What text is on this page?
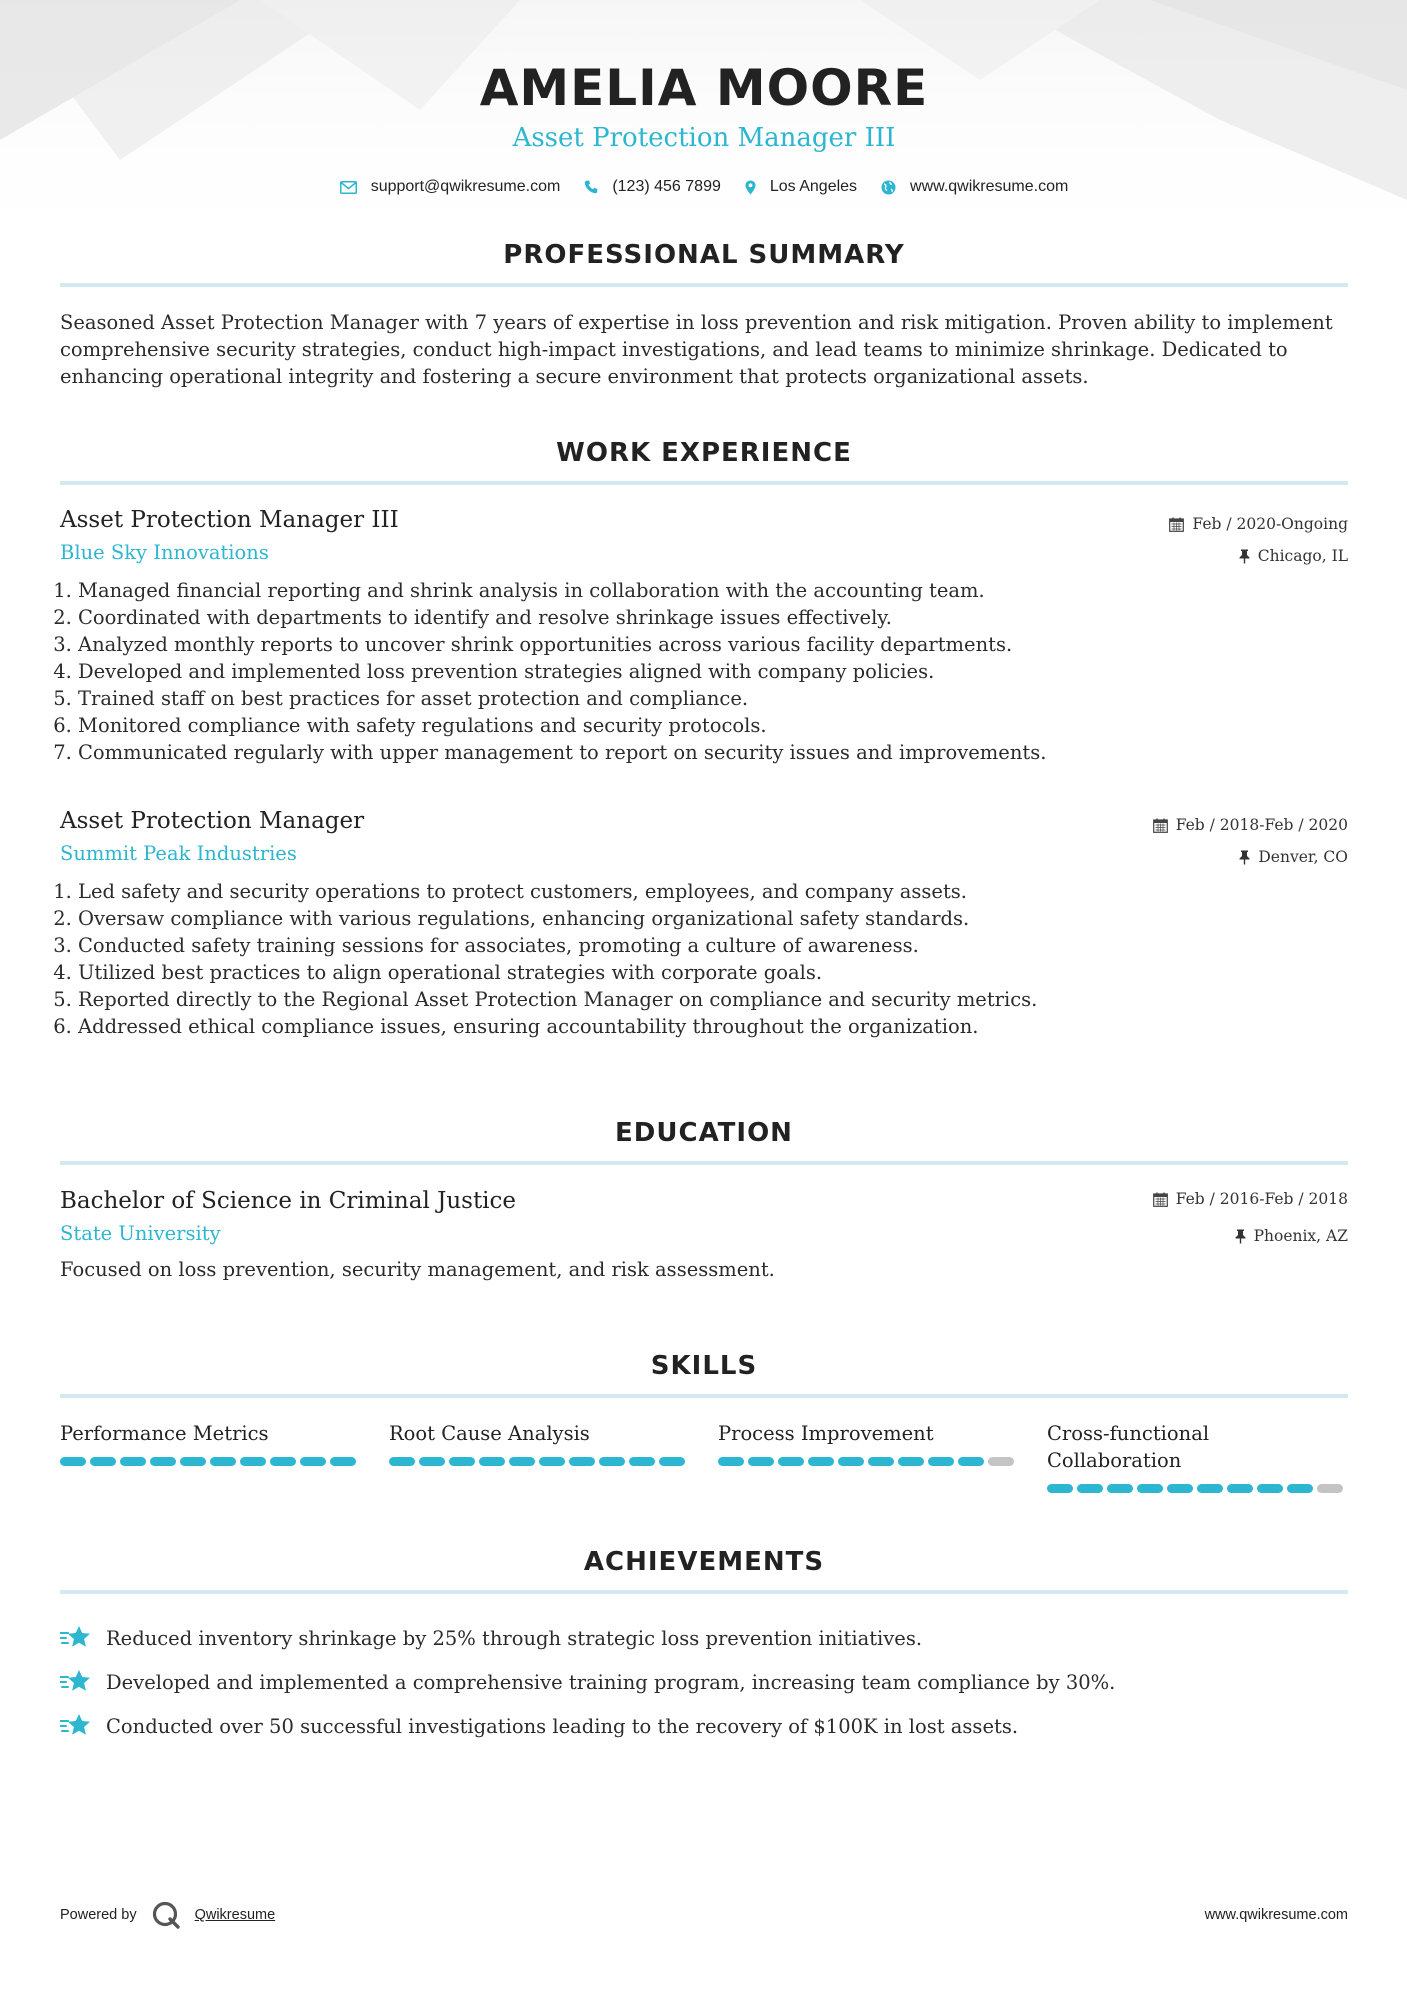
AMELIA MOORE
Asset Protection Manager III
support@qwikresume.com	(123) 456 7899	Los Angeles	www.qwikresume.com
PROFESSIONAL SUMMARY
Seasoned Asset Protection Manager with 7 years of expertise in loss prevention and risk mitigation. Proven ability to implement comprehensive security strategies, conduct high-impact investigations, and lead teams to minimize shrinkage. Dedicated to enhancing operational integrity and fostering a secure environment that protects organizational assets.
WORK EXPERIENCE
Asset Protection Manager III
Blue Sky Innovations
Feb / 2020-Ongoing
Chicago, IL
1. Managed financial reporting and shrink analysis in collaboration with the accounting team.
2. Coordinated with departments to identify and resolve shrinkage issues effectively.
3. Analyzed monthly reports to uncover shrink opportunities across various facility departments.
4. Developed and implemented loss prevention strategies aligned with company policies.
5. Trained staff on best practices for asset protection and compliance.
6. Monitored compliance with safety regulations and security protocols.
7. Communicated regularly with upper management to report on security issues and improvements.
Asset Protection Manager
Summit Peak Industries
Feb / 2018-Feb / 2020
Denver, CO
1. Led safety and security operations to protect customers, employees, and company assets.
2. Oversaw compliance with various regulations, enhancing organizational safety standards.
3. Conducted safety training sessions for associates, promoting a culture of awareness.
4. Utilized best practices to align operational strategies with corporate goals.
5. Reported directly to the Regional Asset Protection Manager on compliance and security metrics.
6. Addressed ethical compliance issues, ensuring accountability throughout the organization.
EDUCATION
Bachelor of Science in Criminal Justice
State University
Feb / 2016-Feb / 2018
Phoenix, AZ
Focused on loss prevention, security management, and risk assessment.
SKILLS
Performance Metrics	Root Cause Analysis	Process Improvement	Cross-functional Collaboration
ACHIEVEMENTS
Reduced inventory shrinkage by 25% through strategic loss prevention initiatives.
Developed and implemented a comprehensive training program, increasing team compliance by 30%.
Conducted over 50 successful investigations leading to the recovery of $100K in lost assets.
Powered by	Qwikresume	www.qwikresume.com
